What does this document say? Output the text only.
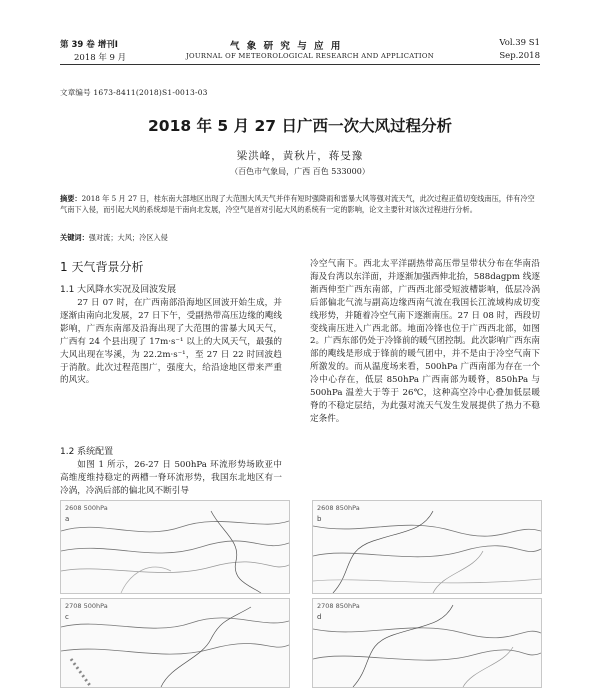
第 39 卷 增刊Ⅰ
2018 年 9 月
气 象 研 究 与 应 用
JOURNAL OF METEOROLOGICAL RESEARCH AND APPLICATION
Vol.39 S1
Sep.2018
文章编号 1673-8411(2018)S1-0013-03
2018 年 5 月 27 日广西一次大风过程分析
梁洪峰，黄秋片，蒋旻豫
（百色市气象局，广西 百色 533000）
摘要：2018 年 5 月 27 日，桂东南大部地区出现了大范围大风天气并伴有短时强降雨和雷暴大风等强对流天气，此次过程正值切变线南压，伴有冷空气南下入侵，而引起大风的系统却是干南向北发展，冷空气是首对引起大风的系统有一定的影响，论文主要针对该次过程进行分析。
关键词：强对流；大风；冷区入侵
1 天气背景分析
1.1 大风降水实况及回波发展

27 日 07 时，在广西南部沿海地区回波开始生成，并逐渐由南向北发展，27 日下午，受副热带高压边缘的飑线影响，广西东南部及沿海出现了大范围的雷暴大风天气，广西有 24 个县出现了 17m·s⁻¹ 以上的大风天气，最强的大风出现在岑溪，为 22.2m·s⁻¹，至 27 日 22 时回波趋于消散。此次过程范围广，强度大，给沿途地区带来严重的风灾。

1.2 系统配置

如图 1 所示，26-27 日 500hPa 环流形势场欧亚中高维度维持稳定的两槽一脊环流形势，我国东北地区有一冷涡，冷涡后部的偏北风不断引导

冷空气南下。西北太平洋副热带高压带呈带状分布在华南沿海及台湾以东洋面，并逐渐加强西伸北抬，588dagpm 线逐渐西伸至广西东南部，广西西北部受短波槽影响，低层冷涡后部偏北气流与副高边缘西南气流在我国长江流域构成切变线形势，并随着冷空气南下逐渐南压。27 日 08 时，西段切变线南压进入广西北部。地面冷锋也位于广西西北部，如图 2。广西东部仍处于冷锋前的暖气团控制。此次影响广西东南部的飑线是形成于锋前的暖气团中，并不是由于冷空气南下所激发的。而从温度场来看，500hPa 广西南部为存在一个冷中心存在，低层 850hPa 广西南部为暖脊，850hPa 与 500hPa 温差大于等于 26℃，这种高空冷中心叠加低层暖脊的不稳定层结，为此强对流天气发生发展提供了热力不稳定条件。

2608 500hPa
a
2608 850hPa
b
2708 500hPa
c
2708 850hPa
d
